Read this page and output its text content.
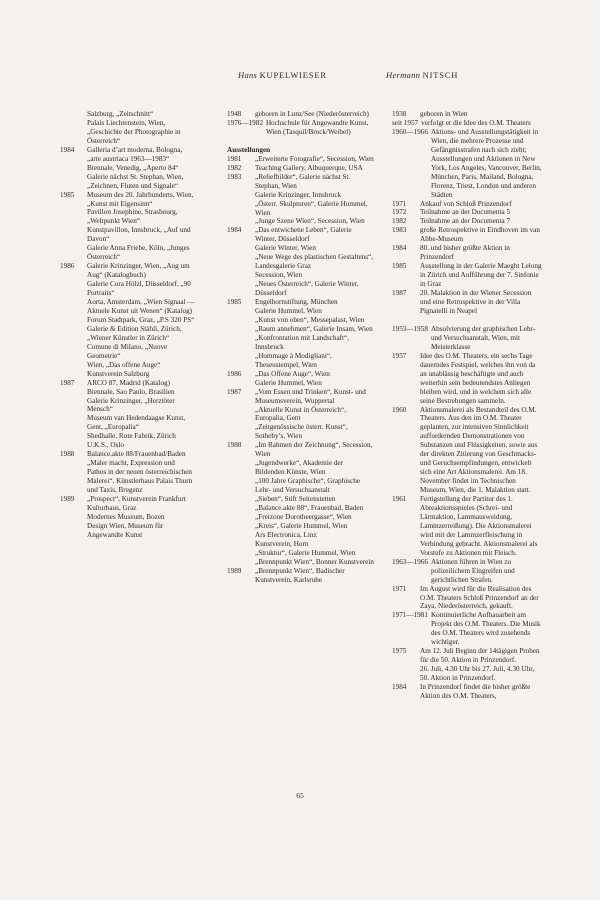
Hans KUPELWIESER	Hermann NITSCH
Salzburg, „Zeitschnitt“
Palais Liechtenstein, Wien, „Geschichte der Photographie in Österreich“
1984	Galleria d’art moderna, Bologna, „arte austriaca 1963—1983“
Biennale, Venedig, „Aperto 84“
Galerie nächst St. Stephan, Wien, „Zeichnen, Fluten und Signale“
1985	Museum des 20. Jahrhunderts, Wien, „Kunst mit Eigensinn“
Pavillon Josephine, Strasbourg, „Weltpunkt Wien“
Kunstpavillon, Innsbruck, „Auf und Davon“
Galerie Anna Friebe, Köln, „Junges Österreich“
1986	Galerie Krinzinger, Wien, „Aug um Aug“ (Katalogbuch)
Galerie Cora Hölzl, Düsseldorf, „90 Portraits“
Aorta, Amsterdam, „Wien Signaal — Aktuele Kunst uit Wenen“ (Katalog)
Forum Stadtpark, Graz, „P.S 320 PS“
Galerie & Edition Stähli, Zürich, „Wiener Künstler in Zürich“
Comune di Milano, „Nuove Geometrie“
Wien, „Das offene Auge“
Kunstverein Salzburg
1987	ARCO 87, Madrid (Katalog)
Biennale, Sao Paulo, Brasilien
Galerie Krinzinger, „Herztöter Mensch“
Museum van Hedendaagse Kunst, Gent, „Europalia“
Shedhalle, Rote Fabrik, Zürich
U.K.S., Oslo
1988	Balance.akte 88/Frauenbad/Baden
„Maler macht, Expression und Pathos in der neuen österreichischen Malerei“, Künstlerhaus Palais Thurn und Taxis, Bregenz
1989	„Prospect“, Kunstverein Frankfurt
Kulturhaus, Graz
Modernes Museum, Bozen
Design Wien, Museum für Angewandte Kunst
1948	geboren in Lunz/See (Niederösterreich)
1976—1982 Hochschule für Angewandte Kunst, Wien (Tasquil/Brock/Weibel)
Ausstellungen
1981	„Erweiterte Fotografie“, Secession, Wien
1982	Teaching Gallery, Albuquerque, USA
1983	„Reliefbilder“, Galerie nächst St. Stephan, Wien
Galerie Krinzinger, Innsbruck
„Österr. Skulpturen“, Galerie Hummel, Wien
„Junge Szene Wien“, Secession, Wien
1984	„Das entwichene Leben“, Galerie Winter, Düsseldorf
Galerie Winter, Wien
„Neue Wege des plastischen Gestaltens“, Landesgalerie Graz
Secession, Wien
„Neues Österreich“, Galerie Winter, Düsseldorf
1985	Engelhornstiftung, München
Galerie Hummel, Wien
„Kunst von oben“, Messepalast, Wien
„Raum annehmen“, Galerie Insam, Wien
„Konfrontation mit Landschaft“, Innsbruck
„Hommage à Modigliani“, Theseustempel, Wien
1986	„Das Offene Auge“, Wien
Galerie Hummel, Wien
1987	„Vom Essen und Trinken“, Kunst- und Museumsverein, Wuppertal
„Aktuelle Kunst in Österreich“, Europalia, Gent
„Zeitgenössische österr. Kunst“, Sotheby’s, Wien
1988	„Im Rahmen der Zeichnung“, Secession, Wien
„Jugendwerke“, Akademie der Bildenden Künste, Wien
„100 Jahre Graphische“, Graphische Lehr- und Versuchsanstalt
„Sieben“, Stift Seitenstetten
„Balance.akte 88“, Frauenbad, Baden
„Freizone Dorotheergasse“, Wien
„Kreis“, Galerie Hummel, Wien
Ars Electronica, Linz
Kunstverein, Horn
„Struktur“, Galerie Hummel, Wien
„Brennpunkt Wien“, Bonner Kunstverein
1989	„Brennpunkt Wien“, Badischer Kunstverein, Karlsruhe
1938	geboren in Wien
seit 1957 verfolgt er die Idee des O.M. Theaters
1960—1966 Aktions- und Ausstellungstätigkeit in Wien, die mehrere Prozesse und Gefängnisstrafen nach sich zieht; Ausstellungen und Aktionen in New York, Los Angeles, Vancouver, Berlin, München, Paris, Mailand, Bologna, Florenz, Triest, London und anderen Städten
1971	Ankauf von Schloß Prinzendorf
1972	Teilnahme an der Documenta 5
1982	Teilnahme an der Documenta 7
1983	große Retrospektive in Eindhoven im van Abbe-Museum
1984	80. und bisher größte Aktion in Prinzendorf
1985	Ausstellung in der Galerie Maeght Lelong in Zürich und Aufführung der 7. Sinfonie in Graz
1987	20. Malaktion in der Wiener Secession und eine Retrospektive in der Villa Pignatelli in Neapel
1953—1958 Absolvierung der graphischen Lehr- und Versuchsanstalt, Wien, mit Meisterklasse
1957	Idee des O.M. Theaters, ein sechs Tage dauerndes Festspiel, welches ihn von da an unablässig beschäftigte und auch weiterhin sein bedeutendstes Anliegen bleiben wird, und in welchem sich alle seine Bestrebungen sammeln.
1960	Aktionsmalerei als Bestandteil des O.M. Theaters. Aus den im O.M. Theater geplanten, zur intensiven Sinnlichkeit auffordernden Demonstrationen von Substanzen und Flüssigkeiten, sowie aus der direkten Zitierung von Geschmacks- und Geruchsempfindungen, entwickelt sich eine Art Aktionsmalerei. Am 18. November findet im Technischen Museum, Wien, die 1. Malaktion statt.
1961	Fertigstellung der Partitur des 1. Abreaktionsspieles (Schrei- und Lärmaktion, Lammausweidung, Lammzerreißung). Die Aktionsmalerei wird mit der Lammzerfleischung in Verbindung gebracht. Aktionsmalerei als Vorstufe zu Aktionen mit Fleisch.
1963—1966 Aktionen führen in Wien zu polizeilichem Eingreifen und gerichtlichen Strafen.
1971	Im August wird für die Realisation des O.M. Theaters Schloß Prinzendorf an der Zaya, Niederösterreich, gekauft.
1971—1981 Kontinuierliche Aufbauarbeit am Projekt des O.M. Theaters. Die Musik des O.M. Theaters wird zusehends wichtiger.
1975	Am 12. Juli Beginn der 14tägigen Proben für die 50. Aktion in Prinzendorf.
26. Juli, 4.30 Uhr bis 27. Juli, 4.30 Uhr, 50. Aktion in Prinzendorf.
1984	In Prinzendorf findet die bisher größte Aktion des O.M. Theaters,
65
